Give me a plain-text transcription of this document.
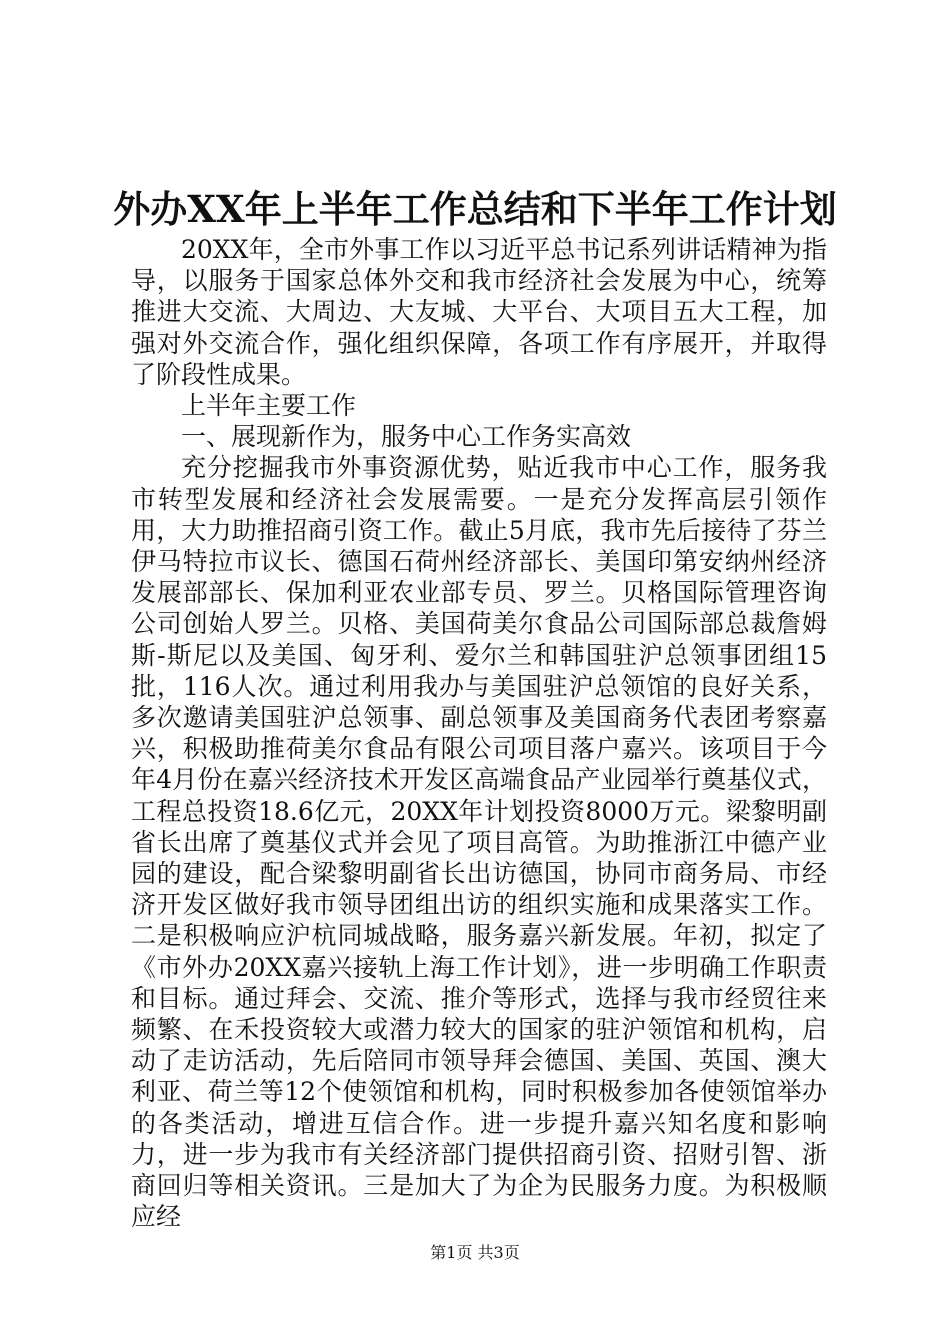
外办XX年上半年工作总结和下半年工作计划

20XX年，全市外事工作以习近平总书记系列讲话精神为指导，以服务于国家总体外交和我市经济社会发展为中心，统筹推进大交流、大周边、大友城、大平台、大项目五大工程，加强对外交流合作，强化组织保障，各项工作有序展开，并取得了阶段性成果。

上半年主要工作

一、展现新作为，服务中心工作务实高效

充分挖掘我市外事资源优势，贴近我市中心工作，服务我市转型发展和经济社会发展需要。一是充分发挥高层引领作用，大力助推招商引资工作。截止5月底，我市先后接待了芬兰伊马特拉市议长、德国石荷州经济部长、美国印第安纳州经济发展部部长、保加利亚农业部专员、罗兰。贝格国际管理咨询公司创始人罗兰。贝格、美国荷美尔食品公司国际部总裁詹姆斯-斯尼以及美国、匈牙利、爱尔兰和韩国驻沪总领事团组15批，116人次。通过利用我办与美国驻沪总领馆的良好关系，多次邀请美国驻沪总领事、副总领事及美国商务代表团考察嘉兴，积极助推荷美尔食品有限公司项目落户嘉兴。该项目于今年4月份在嘉兴经济技术开发区高端食品产业园举行奠基仪式，工程总投资18.6亿元，20XX年计划投资8000万元。梁黎明副省长出席了奠基仪式并会见了项目高管。为助推浙江中德产业园的建设，配合梁黎明副省长出访德国，协同市商务局、市经济开发区做好我市领导团组出访的组织实施和成果落实工作。二是积极响应沪杭同城战略，服务嘉兴新发展。年初，拟定了《市外办20XX嘉兴接轨上海工作计划》，进一步明确工作职责和目标。通过拜会、交流、推介等形式，选择与我市经贸往来频繁、在禾投资较大或潜力较大的国家的驻沪领馆和机构，启动了走访活动，先后陪同市领导拜会德国、美国、英国、澳大利亚、荷兰等12个使领馆和机构，同时积极参加各使领馆举办的各类活动，增进互信合作。进一步提升嘉兴知名度和影响力，进一步为我市有关经济部门提供招商引资、招财引智、浙商回归等相关资讯。三是加大了为企为民服务力度。为积极顺应经

第1页 共3页
